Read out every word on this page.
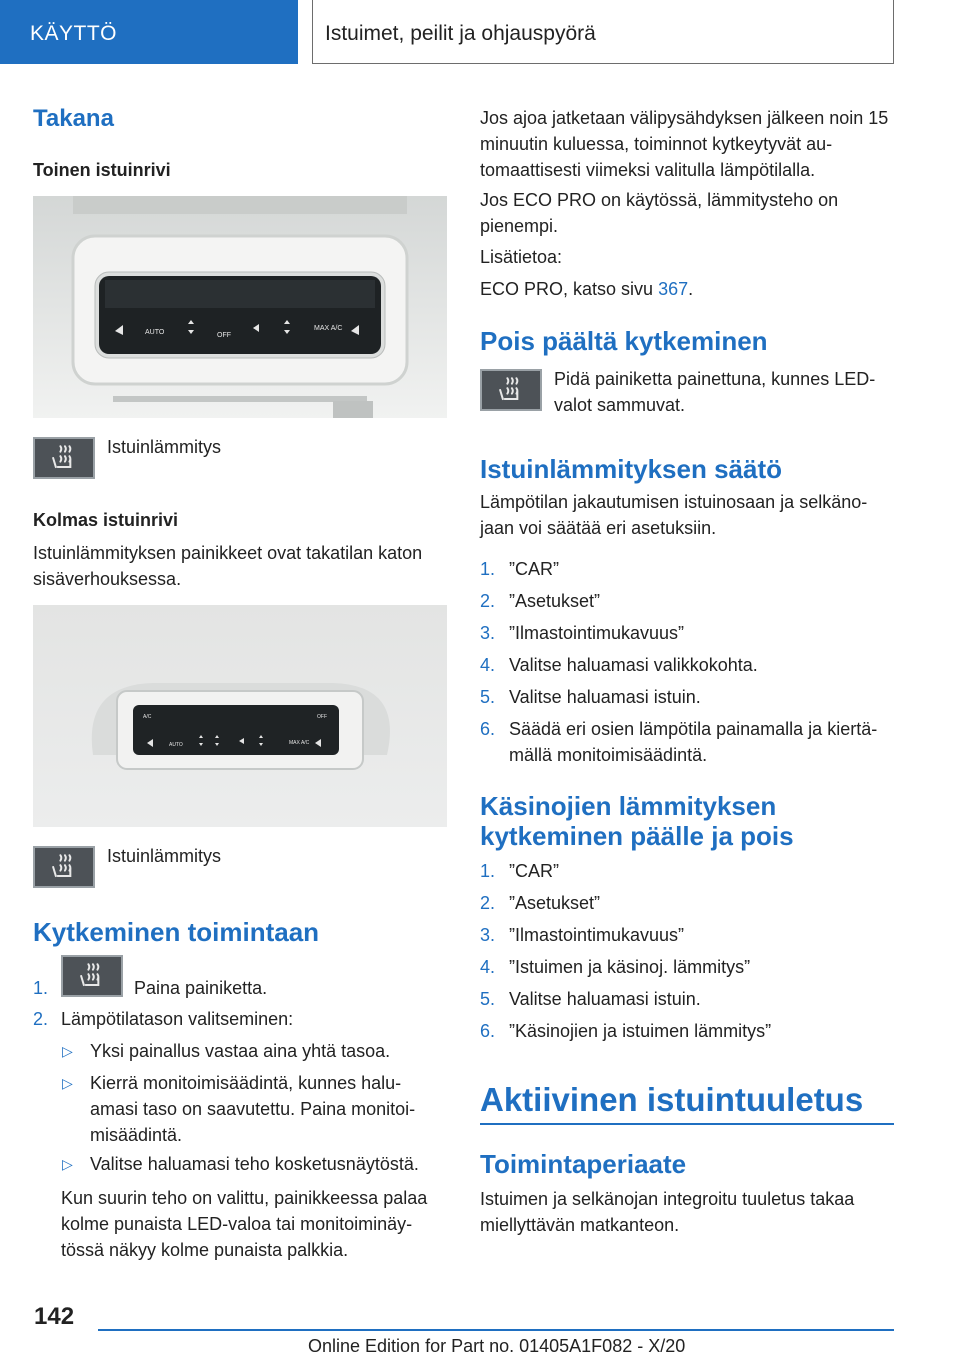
KÄYTTÖ	Istuimet, peilit ja ohjauspyörä
Takana
Toinen istuinrivi
AUTO	OFF
MAX A/C
Istuinlämmitys
Kolmas istuinrivi
Istuinlämmityksen painikkeet ovat takatilan katon sisäverhouksessa.
A/C	OFF
AUTO	MAX A/C
Istuinlämmitys
Kytkeminen toimintaan
1.	Paina painiketta.
2. Lämpötilatason valitseminen:
▷ Yksi painallus vastaa aina yhtä tasoa.
▷ Kierrä monitoimisäädintä, kunnes halu- amasi taso on saavutettu. Paina monitoi- misäädintä.
▷ Valitse haluamasi teho kosketusnäytöstä.
Kun suurin teho on valittu, painikkeessa palaa kolme punaista LED-valoa tai monitoiminäy- tössä näkyy kolme punaista palkkia.
Jos ajoa jatketaan välipysähdyksen jälkeen noin 15 minuutin kuluessa, toiminnot kytkeytyvät au- tomaattisesti viimeksi valitulla lämpötilalla.
Jos ECO PRO on käytössä, lämmitysteho on pienempi.
Lisätietoa:
ECO PRO, katso sivu 367.
Pois päältä kytkeminen
Pidä painiketta painettuna, kunnes LED- valot sammuvat.
Istuinlämmityksen säätö
Lämpötilan jakautumisen istuinosaan ja selkäno- jaan voi säätää eri asetuksiin.
1. ”CAR”
2. ”Asetukset”
3. ”Ilmastointimukavuus”
4. Valitse haluamasi valikkokohta.
5. Valitse haluamasi istuin.
6. Säädä eri osien lämpötila painamalla ja kiertä- mällä monitoimisäädintä.
Käsinojien lämmityksen kytkeminen päälle ja pois
1. ”CAR”
2. ”Asetukset”
3. ”Ilmastointimukavuus”
4. ”Istuimen ja käsinoj. lämmitys”
5. Valitse haluamasi istuin.
6. ”Käsinojien ja istuimen lämmitys”
Aktiivinen istuintuuletus
Toimintaperiaate
Istuimen ja selkänojan integroitu tuuletus takaa miellyttävän matkanteon.
142
Online Edition for Part no. 01405A1F082 - X/20
